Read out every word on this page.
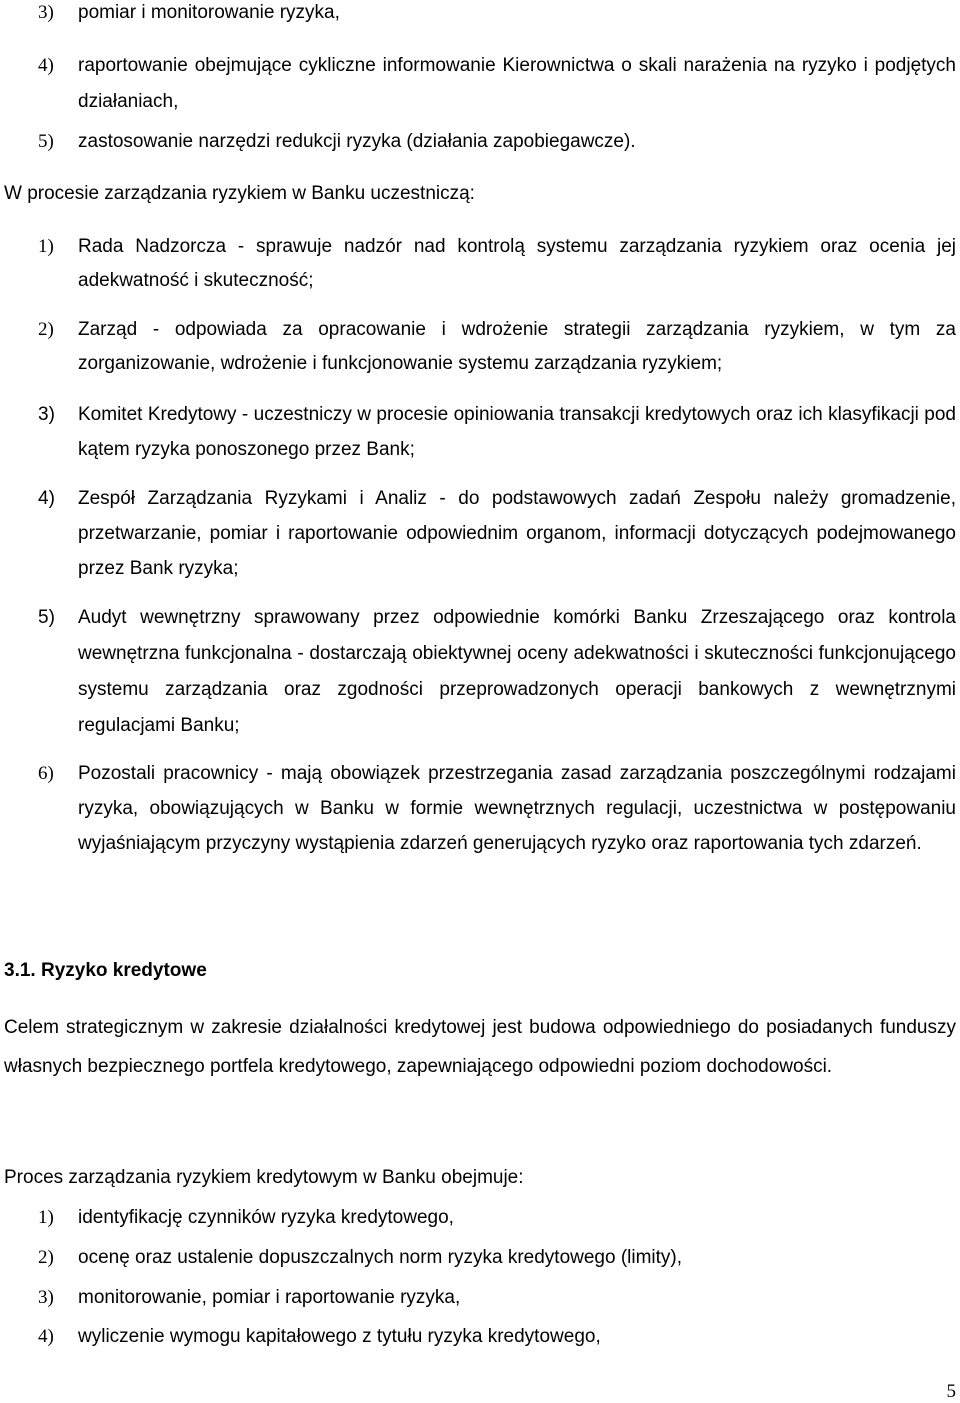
3) pomiar i monitorowanie ryzyka,
4) raportowanie obejmujące cykliczne informowanie Kierownictwa o skali narażenia na ryzyko i podjętych działaniach,
5) zastosowanie narzędzi redukcji ryzyka (działania zapobiegawcze).
W procesie zarządzania ryzykiem w Banku uczestniczą:
1) Rada Nadzorcza - sprawuje nadzór nad kontrolą systemu zarządzania ryzykiem oraz ocenia jej adekwatność i skuteczność;
2) Zarząd - odpowiada za opracowanie i wdrożenie strategii zarządzania ryzykiem, w tym za zorganizowanie, wdrożenie i funkcjonowanie systemu zarządzania ryzykiem;
3) Komitet Kredytowy - uczestniczy w procesie opiniowania transakcji kredytowych oraz ich klasyfikacji pod kątem ryzyka ponoszonego przez Bank;
4) Zespół Zarządzania Ryzykami i Analiz - do podstawowych zadań Zespołu należy gromadzenie, przetwarzanie, pomiar i raportowanie odpowiednim organom, informacji dotyczących podejmowanego przez Bank ryzyka;
5) Audyt wewnętrzny sprawowany przez odpowiednie komórki Banku Zrzeszającego oraz kontrola wewnętrzna funkcjonalna - dostarczają obiektywnej oceny adekwatności i skuteczności funkcjonującego systemu zarządzania oraz zgodności przeprowadzonych operacji bankowych z wewnętrznymi regulacjami Banku;
6) Pozostali pracownicy - mają obowiązek przestrzegania zasad zarządzania poszczególnymi rodzajami ryzyka, obowiązujących w Banku w formie wewnętrznych regulacji, uczestnictwa w postępowaniu wyjaśniającym przyczyny wystąpienia zdarzeń generujących ryzyko oraz raportowania tych zdarzeń.
3.1. Ryzyko kredytowe
Celem strategicznym w zakresie działalności kredytowej jest budowa odpowiedniego do posiadanych funduszy własnych bezpiecznego portfela kredytowego, zapewniającego odpowiedni poziom dochodowości.
Proces zarządzania ryzykiem kredytowym w Banku obejmuje:
1) identyfikację czynników ryzyka kredytowego,
2) ocenę oraz ustalenie dopuszczalnych norm ryzyka kredytowego (limity),
3) monitorowanie, pomiar i raportowanie ryzyka,
4) wyliczenie wymogu kapitałowego z tytułu ryzyka kredytowego,
5
